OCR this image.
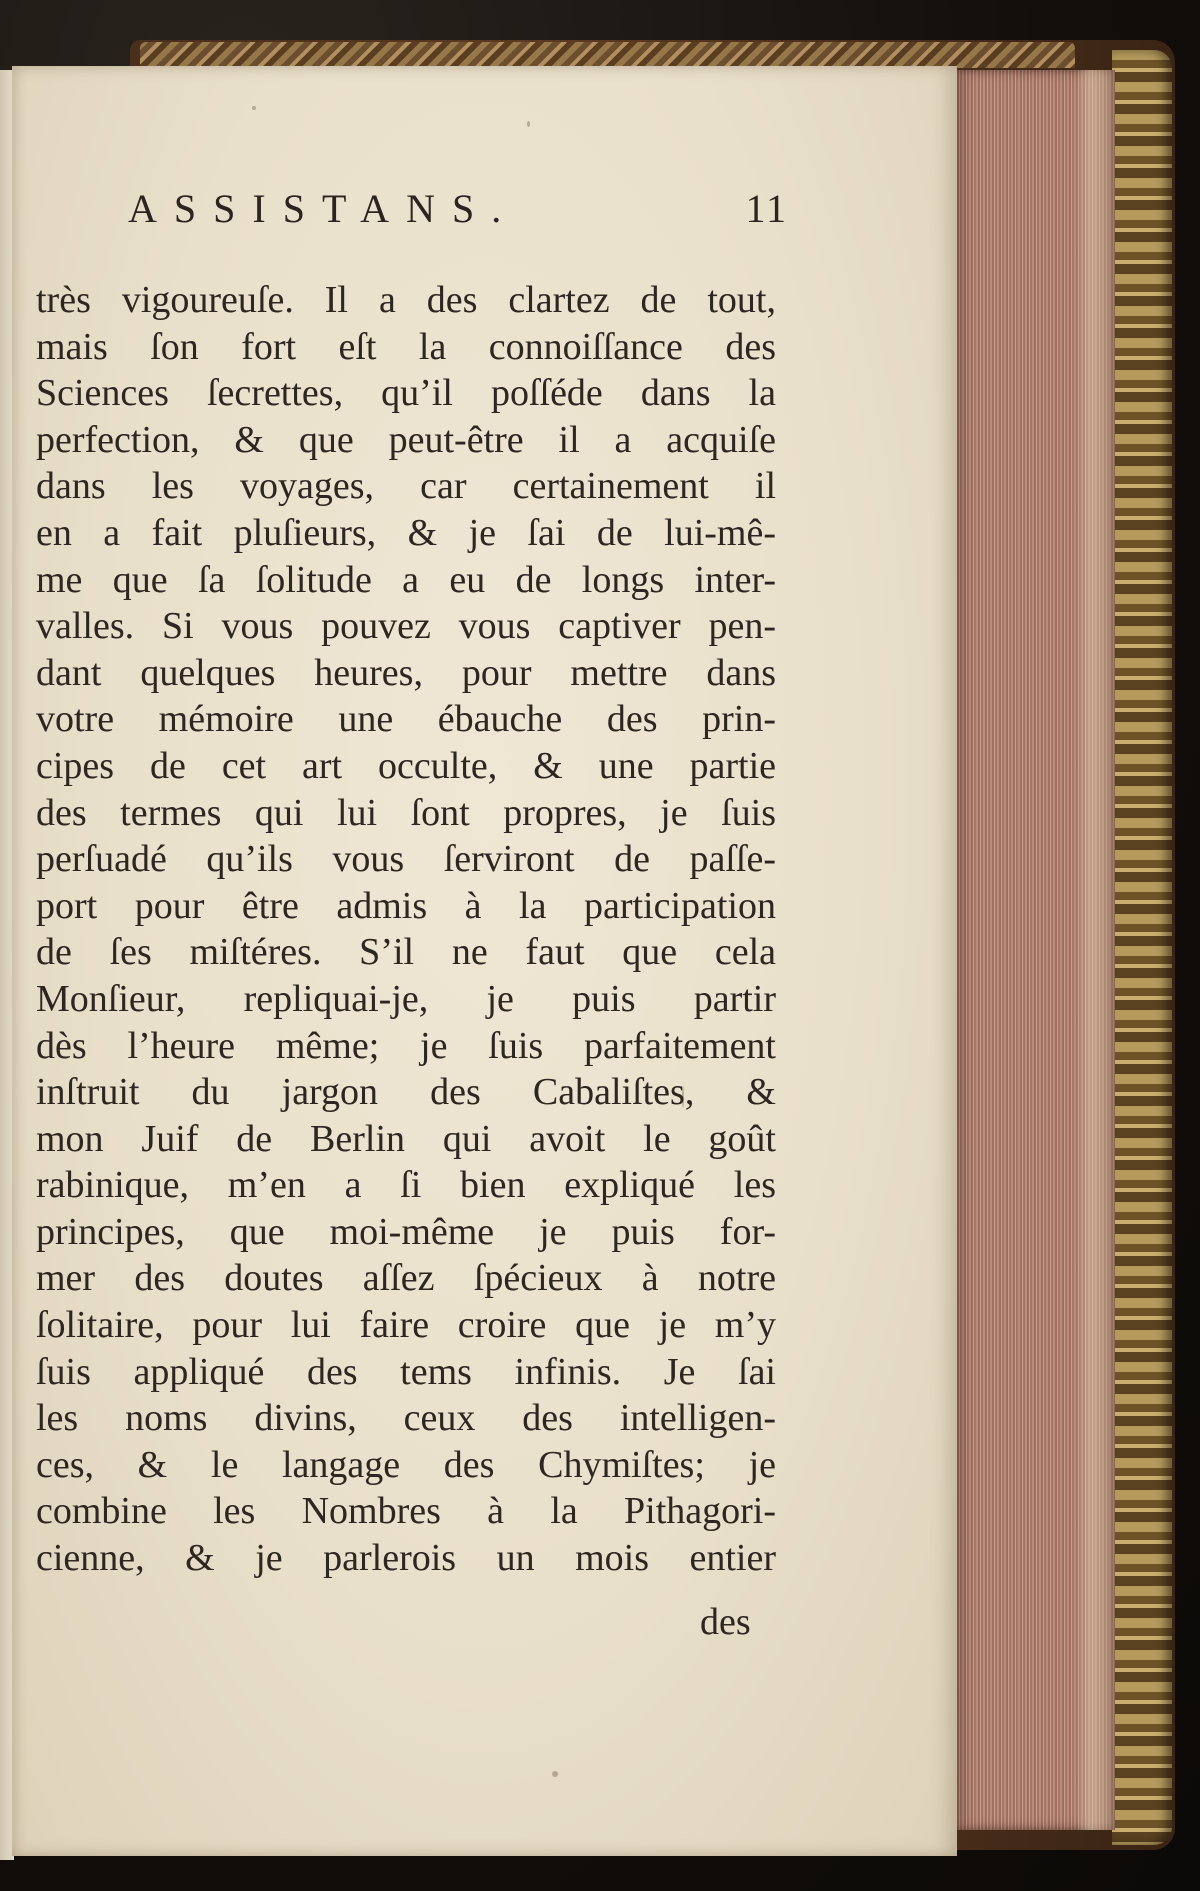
ASSISTANS.	11
très vigoureuſe. Il a des clartez de tout,
mais ſon fort eſt la connoiſſance des
Sciences ſecrettes, qu’il poſſéde dans la
perfection, & que peut-être il a acquiſe
dans les voyages, car certainement il
en a fait pluſieurs, & je ſai de lui-mê-
me que ſa ſolitude a eu de longs inter-
valles. Si vous pouvez vous captiver pen-
dant quelques heures, pour mettre dans
votre mémoire une ébauche des prin-
cipes de cet art occulte, & une partie
des termes qui lui ſont propres, je ſuis
perſuadé qu’ils vous ſerviront de paſſe-
port pour être admis à la participation
de ſes miſtéres. S’il ne faut que cela
Monſieur, repliquai-je, je puis partir
dès l’heure même; je ſuis parfaitement
inſtruit du jargon des Cabaliſtes, &
mon Juif de Berlin qui avoit le goût
rabinique, m’en a ſi bien expliqué les
principes, que moi-même je puis for-
mer des doutes aſſez ſpécieux à notre
ſolitaire, pour lui faire croire que je m’y
ſuis appliqué des tems infinis. Je ſai
les noms divins, ceux des intelligen-
ces, & le langage des Chymiſtes; je
combine les Nombres à la Pithagori-
cienne, & je parlerois un mois entier
des
